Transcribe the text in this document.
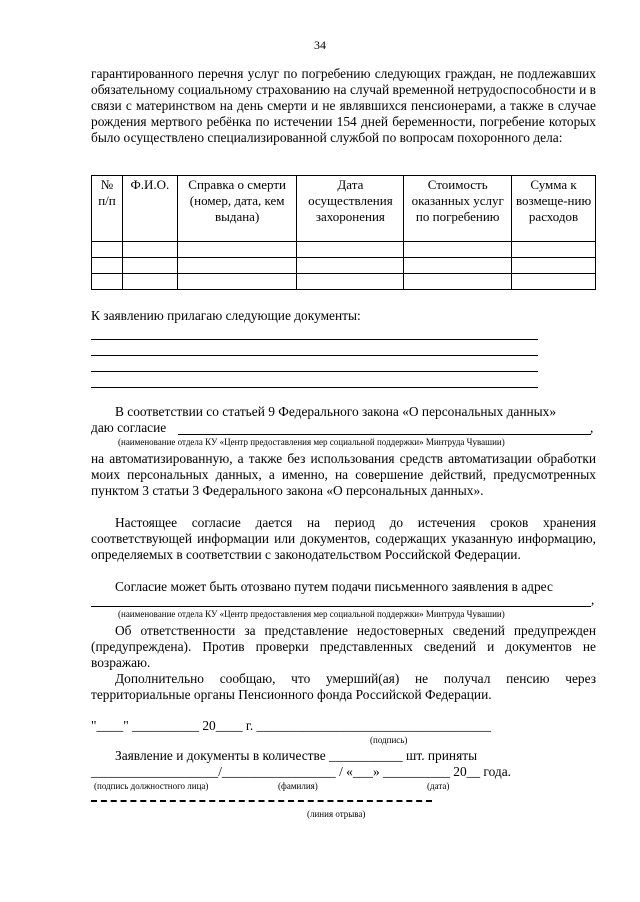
34
гарантированного перечня услуг по погребению следующих граждан, не подлежавших обязательному социальному страхованию на случай временной нетрудоспособности и в связи с материнством на день смерти и не являвшихся пенсионерами, а также в случае рождения мертвого ребёнка по истечении 154 дней беременности, погребение которых было осуществлено специализированной службой по вопросам похоронного дела:
№ п/п	Ф.И.О.	Справка о смерти (номер, дата, кем выдана)	Дата осуществления захоронения	Стоимость оказанных услуг по погребению	Сумма к возмеще-нию расходов

К заявлению прилагаю следующие документы:
В соответствии со статьей 9 Федерального закона «О персональных данных»
даю согласие	,
(наименование отдела КУ «Центр предоставления мер социальной поддержки» Минтруда Чувашии)
на автоматизированную, а также без использования средств автоматизации обработки моих персональных данных, а именно, на совершение действий, предусмотренных пунктом 3 статьи 3 Федерального закона «О персональных данных».
Настоящее согласие дается на период до истечения сроков хранения соответствующей информации или документов, содержащих указанную информацию, определяемых в соответствии с законодательством Российской Федерации.
Согласие может быть отозвано путем подачи письменного заявления в адрес
,
(наименование отдела КУ «Центр предоставления мер социальной поддержки» Минтруда Чувашии)
Об ответственности за представление недостоверных сведений предупрежден (предупреждена). Против проверки представленных сведений и документов не возражаю.
Дополнительно сообщаю, что умерший(ая) не получал пенсию через территориальные органы Пенсионного фонда Российской Федерации.
"____" __________ 20____ г. ___________________________________
(подпись)
Заявление и документы в количестве ___________ шт. приняты
___________________/_________________ / «___» __________ 20__ года.
(подпись должностного лица)	(фамилия)	(дата)
(линия отрыва)
